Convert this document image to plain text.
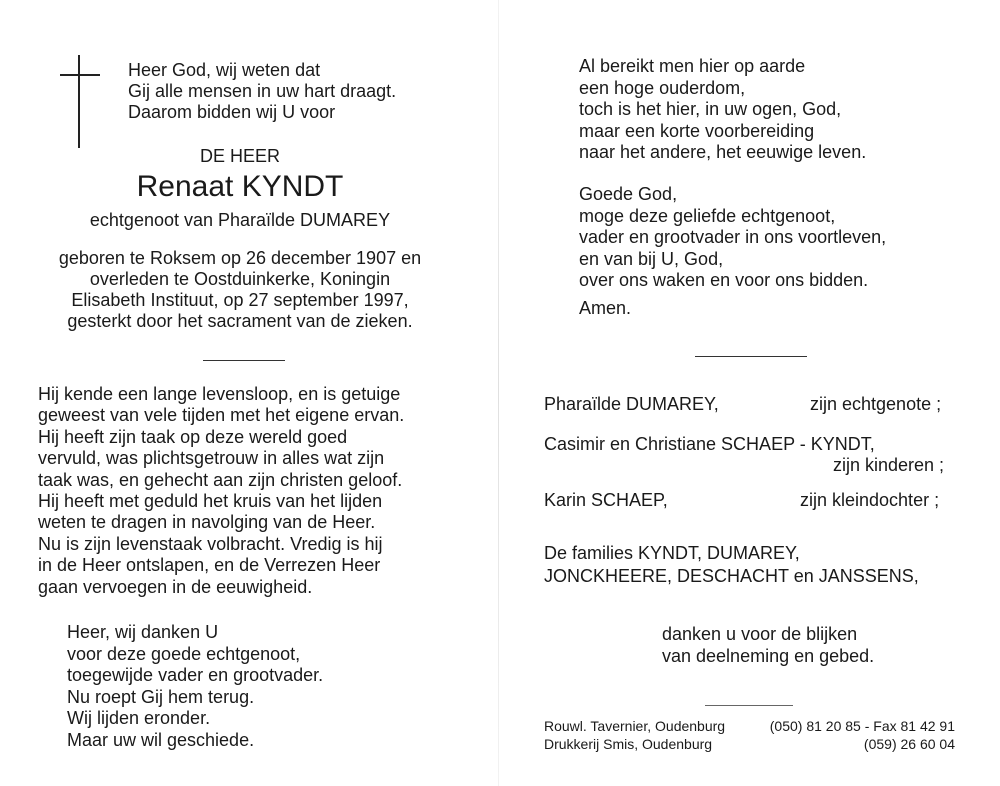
Heer God, wij weten dat
Gij alle mensen in uw hart draagt.
Daarom bidden wij U voor
DE HEER
Renaat KYNDT
echtgenoot van Pharaïlde DUMAREY
geboren te Roksem op 26 december 1907 en
overleden te Oostduinkerke, Koningin
Elisabeth Instituut, op 27 september 1997,
gesterkt door het sacrament van de zieken.
Hij kende een lange levensloop, en is getuige
geweest van vele tijden met het eigene ervan.
Hij heeft zijn taak op deze wereld goed
vervuld, was plichtsgetrouw in alles wat zijn
taak was, en gehecht aan zijn christen geloof.
Hij heeft met geduld het kruis van het lijden
weten te dragen in navolging van de Heer.
Nu is zijn levenstaak volbracht. Vredig is hij
in de Heer ontslapen, en de Verrezen Heer
gaan vervoegen in de eeuwigheid.
Heer, wij danken U
voor deze goede echtgenoot,
toegewijde vader en grootvader.
Nu roept Gij hem terug.
Wij lijden eronder.
Maar uw wil geschiede.
Al bereikt men hier op aarde
een hoge ouderdom,
toch is het hier, in uw ogen, God,
maar een korte voorbereiding
naar het andere, het eeuwige leven.
Goede God,
moge deze geliefde echtgenoot,
vader en grootvader in ons voortleven,
en van bij U, God,
over ons waken en voor ons bidden.
Amen.
Pharaïlde DUMAREY,	zijn echtgenote ;
Casimir en Christiane SCHAEP - KYNDT,
zijn kinderen ;
Karin SCHAEP,	zijn kleindochter ;
De families KYNDT, DUMAREY,
JONCKHEERE, DESCHACHT en JANSSENS,
danken u voor de blijken
van deelneming en gebed.
Rouwl. Tavernier, Oudenburg	(050) 81 20 85 - Fax 81 42 91
Drukkerij Smis, Oudenburg	(059) 26 60 04
